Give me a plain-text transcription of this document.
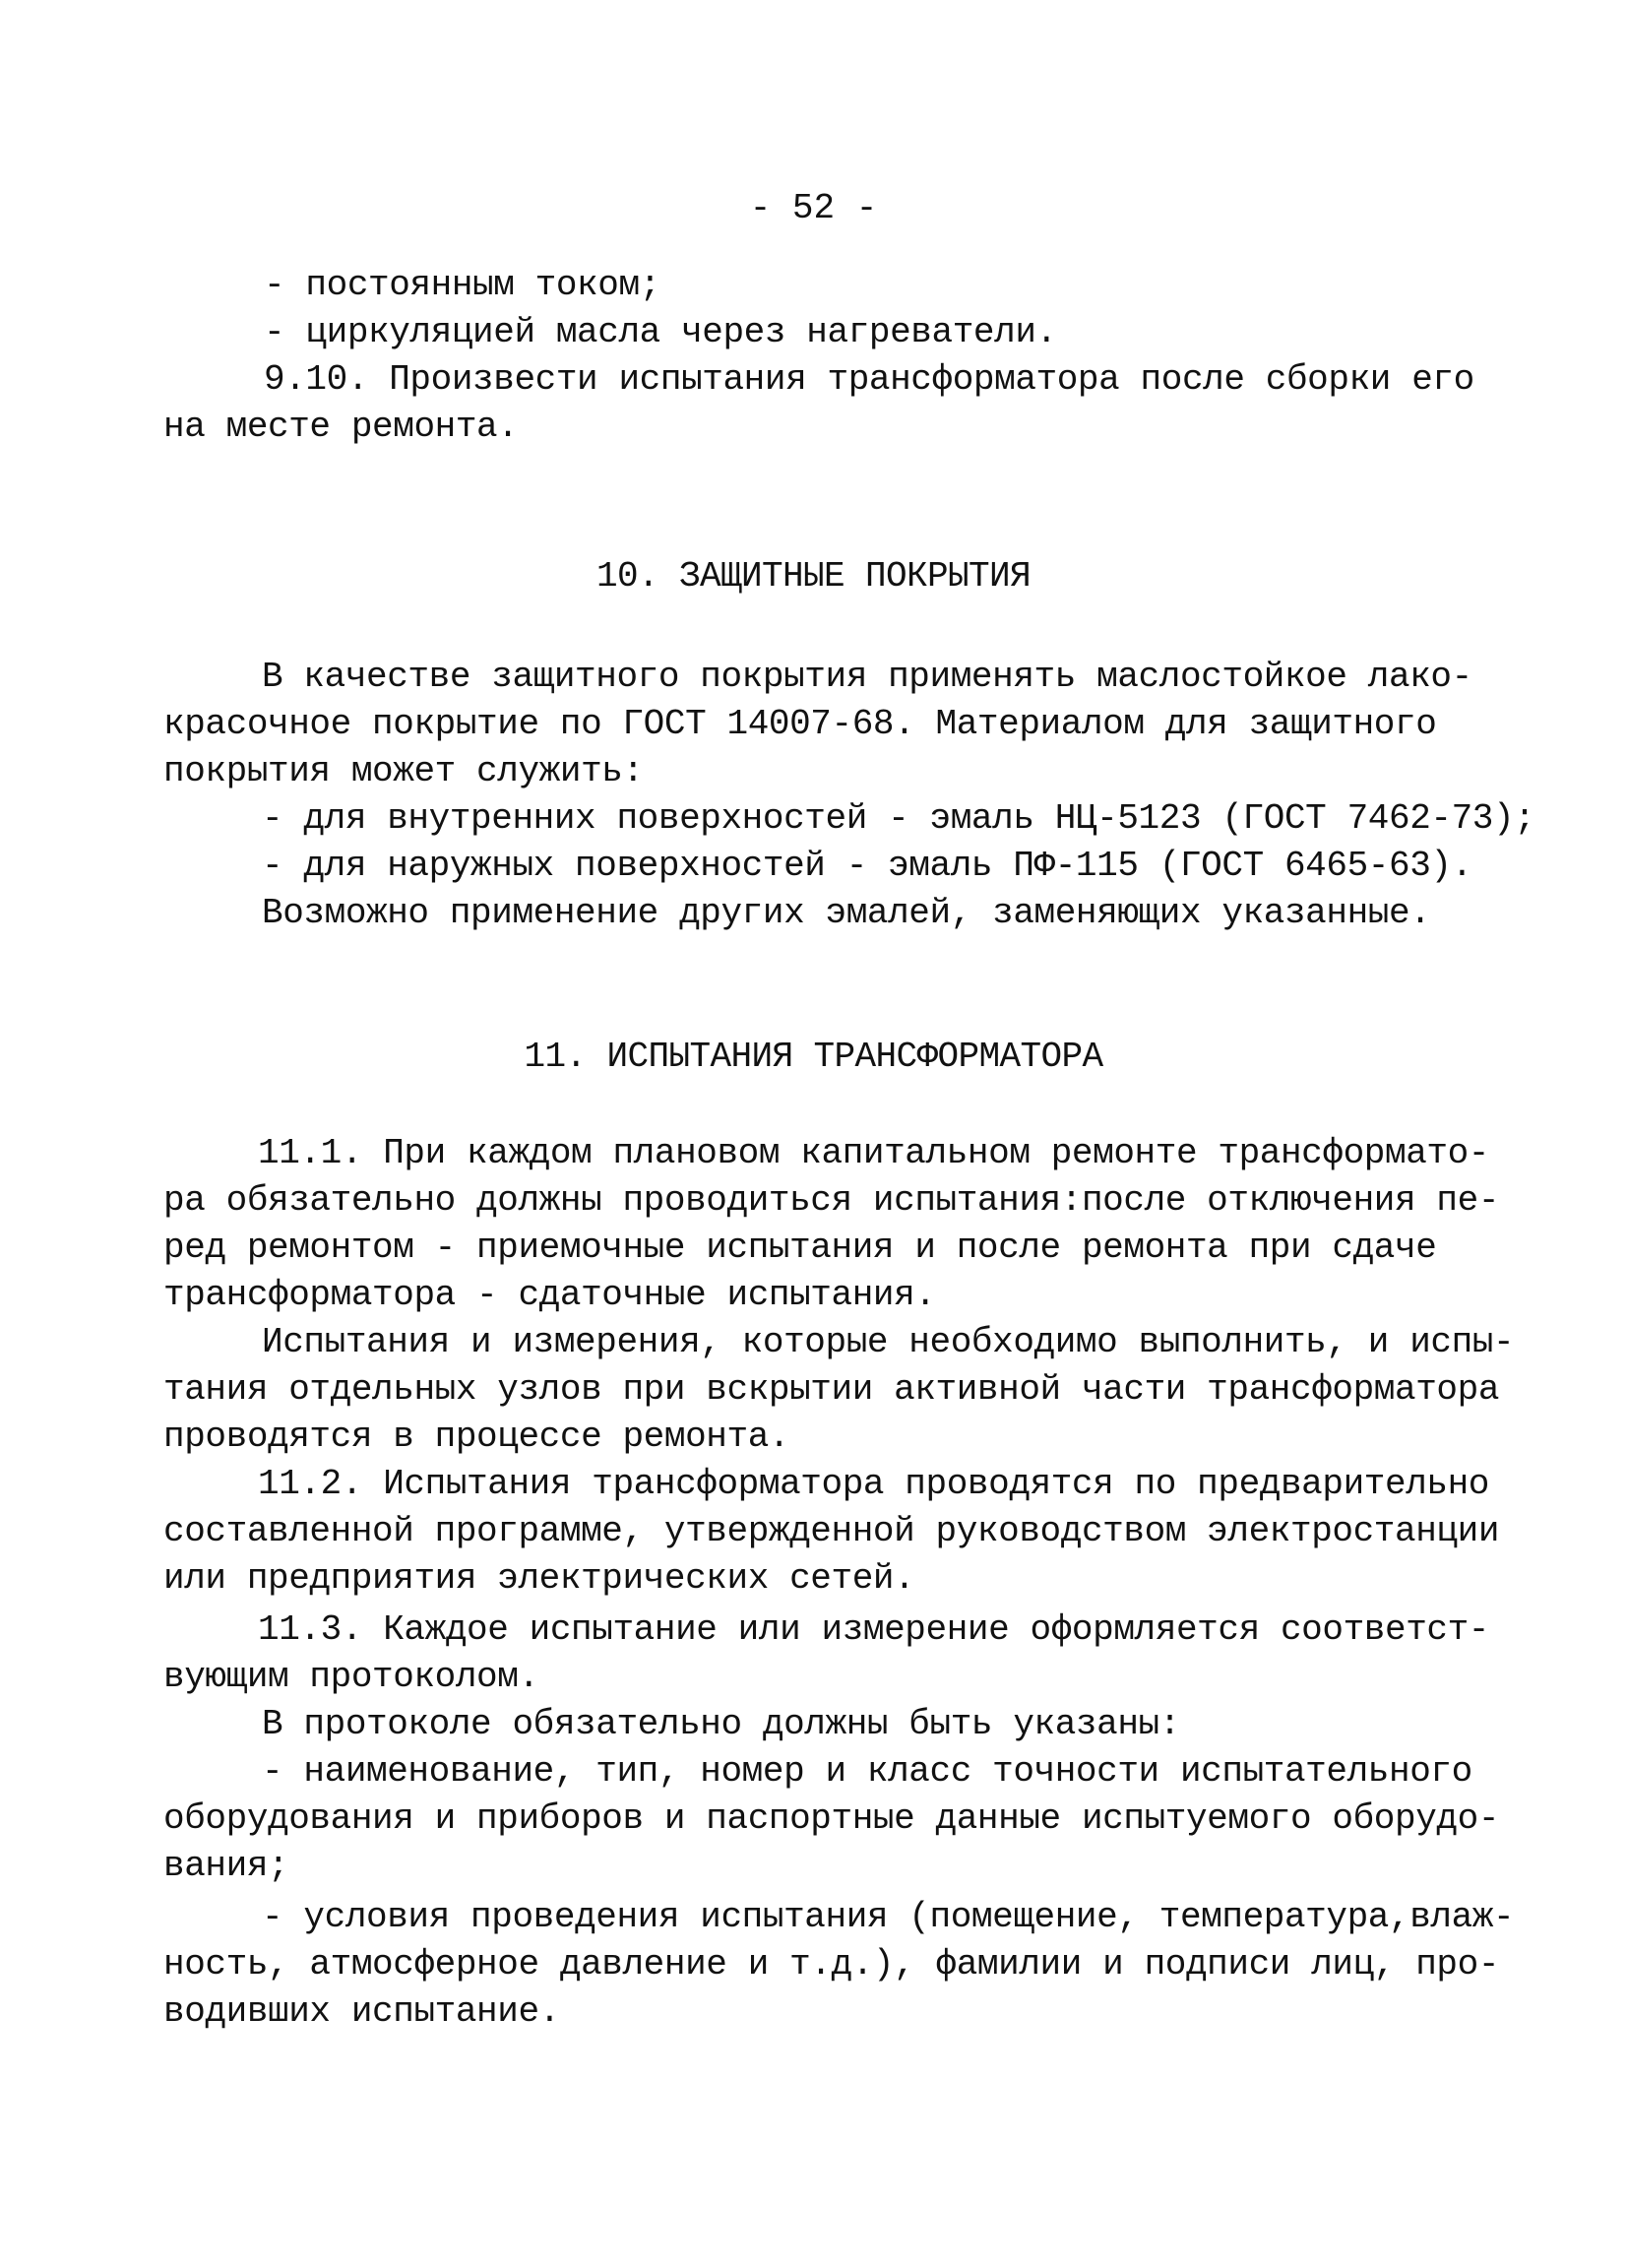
- 52 -
- постоянным током;
- циркуляцией масла через нагреватели.
9.10. Произвести испытания трансформатора после сборки его
на месте ремонта.
10. ЗАЩИТНЫЕ ПОКРЫТИЯ
В качестве защитного покрытия применять маслостойкое лако-
красочное покрытие по ГОСТ 14007-68. Материалом для защитного
покрытия может служить:
- для внутренних поверхностей - эмаль НЦ-5123 (ГОСТ 7462-73);
- для наружных поверхностей - эмаль ПФ-115 (ГОСТ 6465-63).
Возможно применение других эмалей, заменяющих указанные.
11. ИСПЫТАНИЯ ТРАНСФОРМАТОРА
11.1. При каждом плановом капитальном ремонте трансформато-
ра обязательно должны проводиться испытания:после отключения пе-
ред ремонтом - приемочные испытания и после ремонта при сдаче
трансформатора - сдаточные испытания.
Испытания и измерения, которые необходимо выполнить, и испы-
тания отдельных узлов при вскрытии активной части трансформатора
проводятся в процессе ремонта.
11.2. Испытания трансформатора проводятся по предварительно
составленной программе, утвержденной руководством электростанции
или предприятия электрических сетей.
11.3. Каждое испытание или измерение оформляется соответст-
вующим протоколом.
В протоколе обязательно должны быть указаны:
- наименование, тип, номер и класс точности испытательного
оборудования и приборов и паспортные данные испытуемого оборудо-
вания;
- условия проведения испытания (помещение, температура,влаж-
ность, атмосферное давление и т.д.), фамилии и подписи лиц, про-
водивших испытание.
